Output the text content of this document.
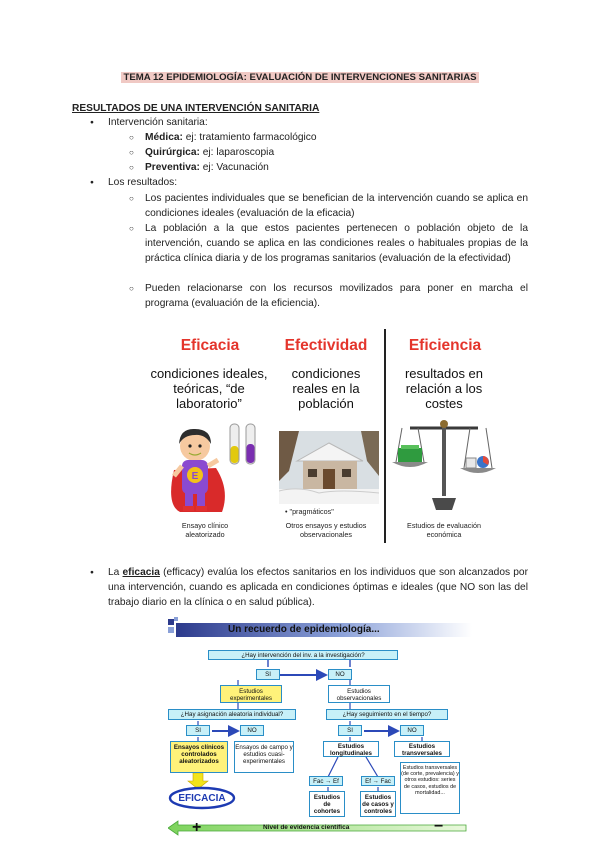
TEMA 12 EPIDEMIOLOGÍA: EVALUACIÓN DE INTERVENCIONES SANITARIAS
RESULTADOS DE UNA INTERVENCIÓN SANITARIA
● Intervención sanitaria:
○ Médica: ej: tratamiento farmacológico
○ Quirúrgica: ej: laparoscopia
○ Preventiva: ej: Vacunación
● Los resultados:
○ Los pacientes individuales que se benefician de la intervención cuando se aplica en condiciones ideales (evaluación de la eficacia)
○ La población a la que estos pacientes pertenecen o población objeto de la intervención, cuando se aplica en las condiciones reales o habituales propias de la práctica clínica diaria y de los programas sanitarios (evaluación de la efectividad)
○ Pueden relacionarse con los recursos movilizados para poner en marcha el programa (evaluación de la eficiencia).
Eficacia	Efectividad	Eficiencia
condiciones ideales, teóricas, “de laboratorio”
condiciones reales en la población
resultados en relación a los costes
E
• "pragmáticos"
Ensayo clínico aleatorizado
Otros ensayos y estudios observacionales
Estudios de evaluación económica
● La eficacia (efficacy) evalúa los efectos sanitarios en los individuos que son alcanzados por una intervención, cuando es aplicada en condiciones óptimas e ideales (que NO son las del trabajo diario en la clínica o en salud pública).
Un recuerdo de epidemiología...
¿Hay intervención del inv. a la investigación?
SI	NO
Estudios experimentales
Estudios observacionales
¿Hay asignación aleatoria individual?	¿Hay seguimiento en el tiempo?
SI	NO	SI	NO
Ensayos clínicos controlados aleatorizados
Ensayos de campo y estudios cuasi-experimentales
Estudios longitudinales
Estudios transversales
Estudios transversales (de corte, prevalencia) y otros estudios: series de casos, estudios de mortalidad...
Fac → Ef	Ef → Fac
Estudios de cohortes
Estudios de casos y controles
EFICACIA
+	Nivel de evidencia científica	−
